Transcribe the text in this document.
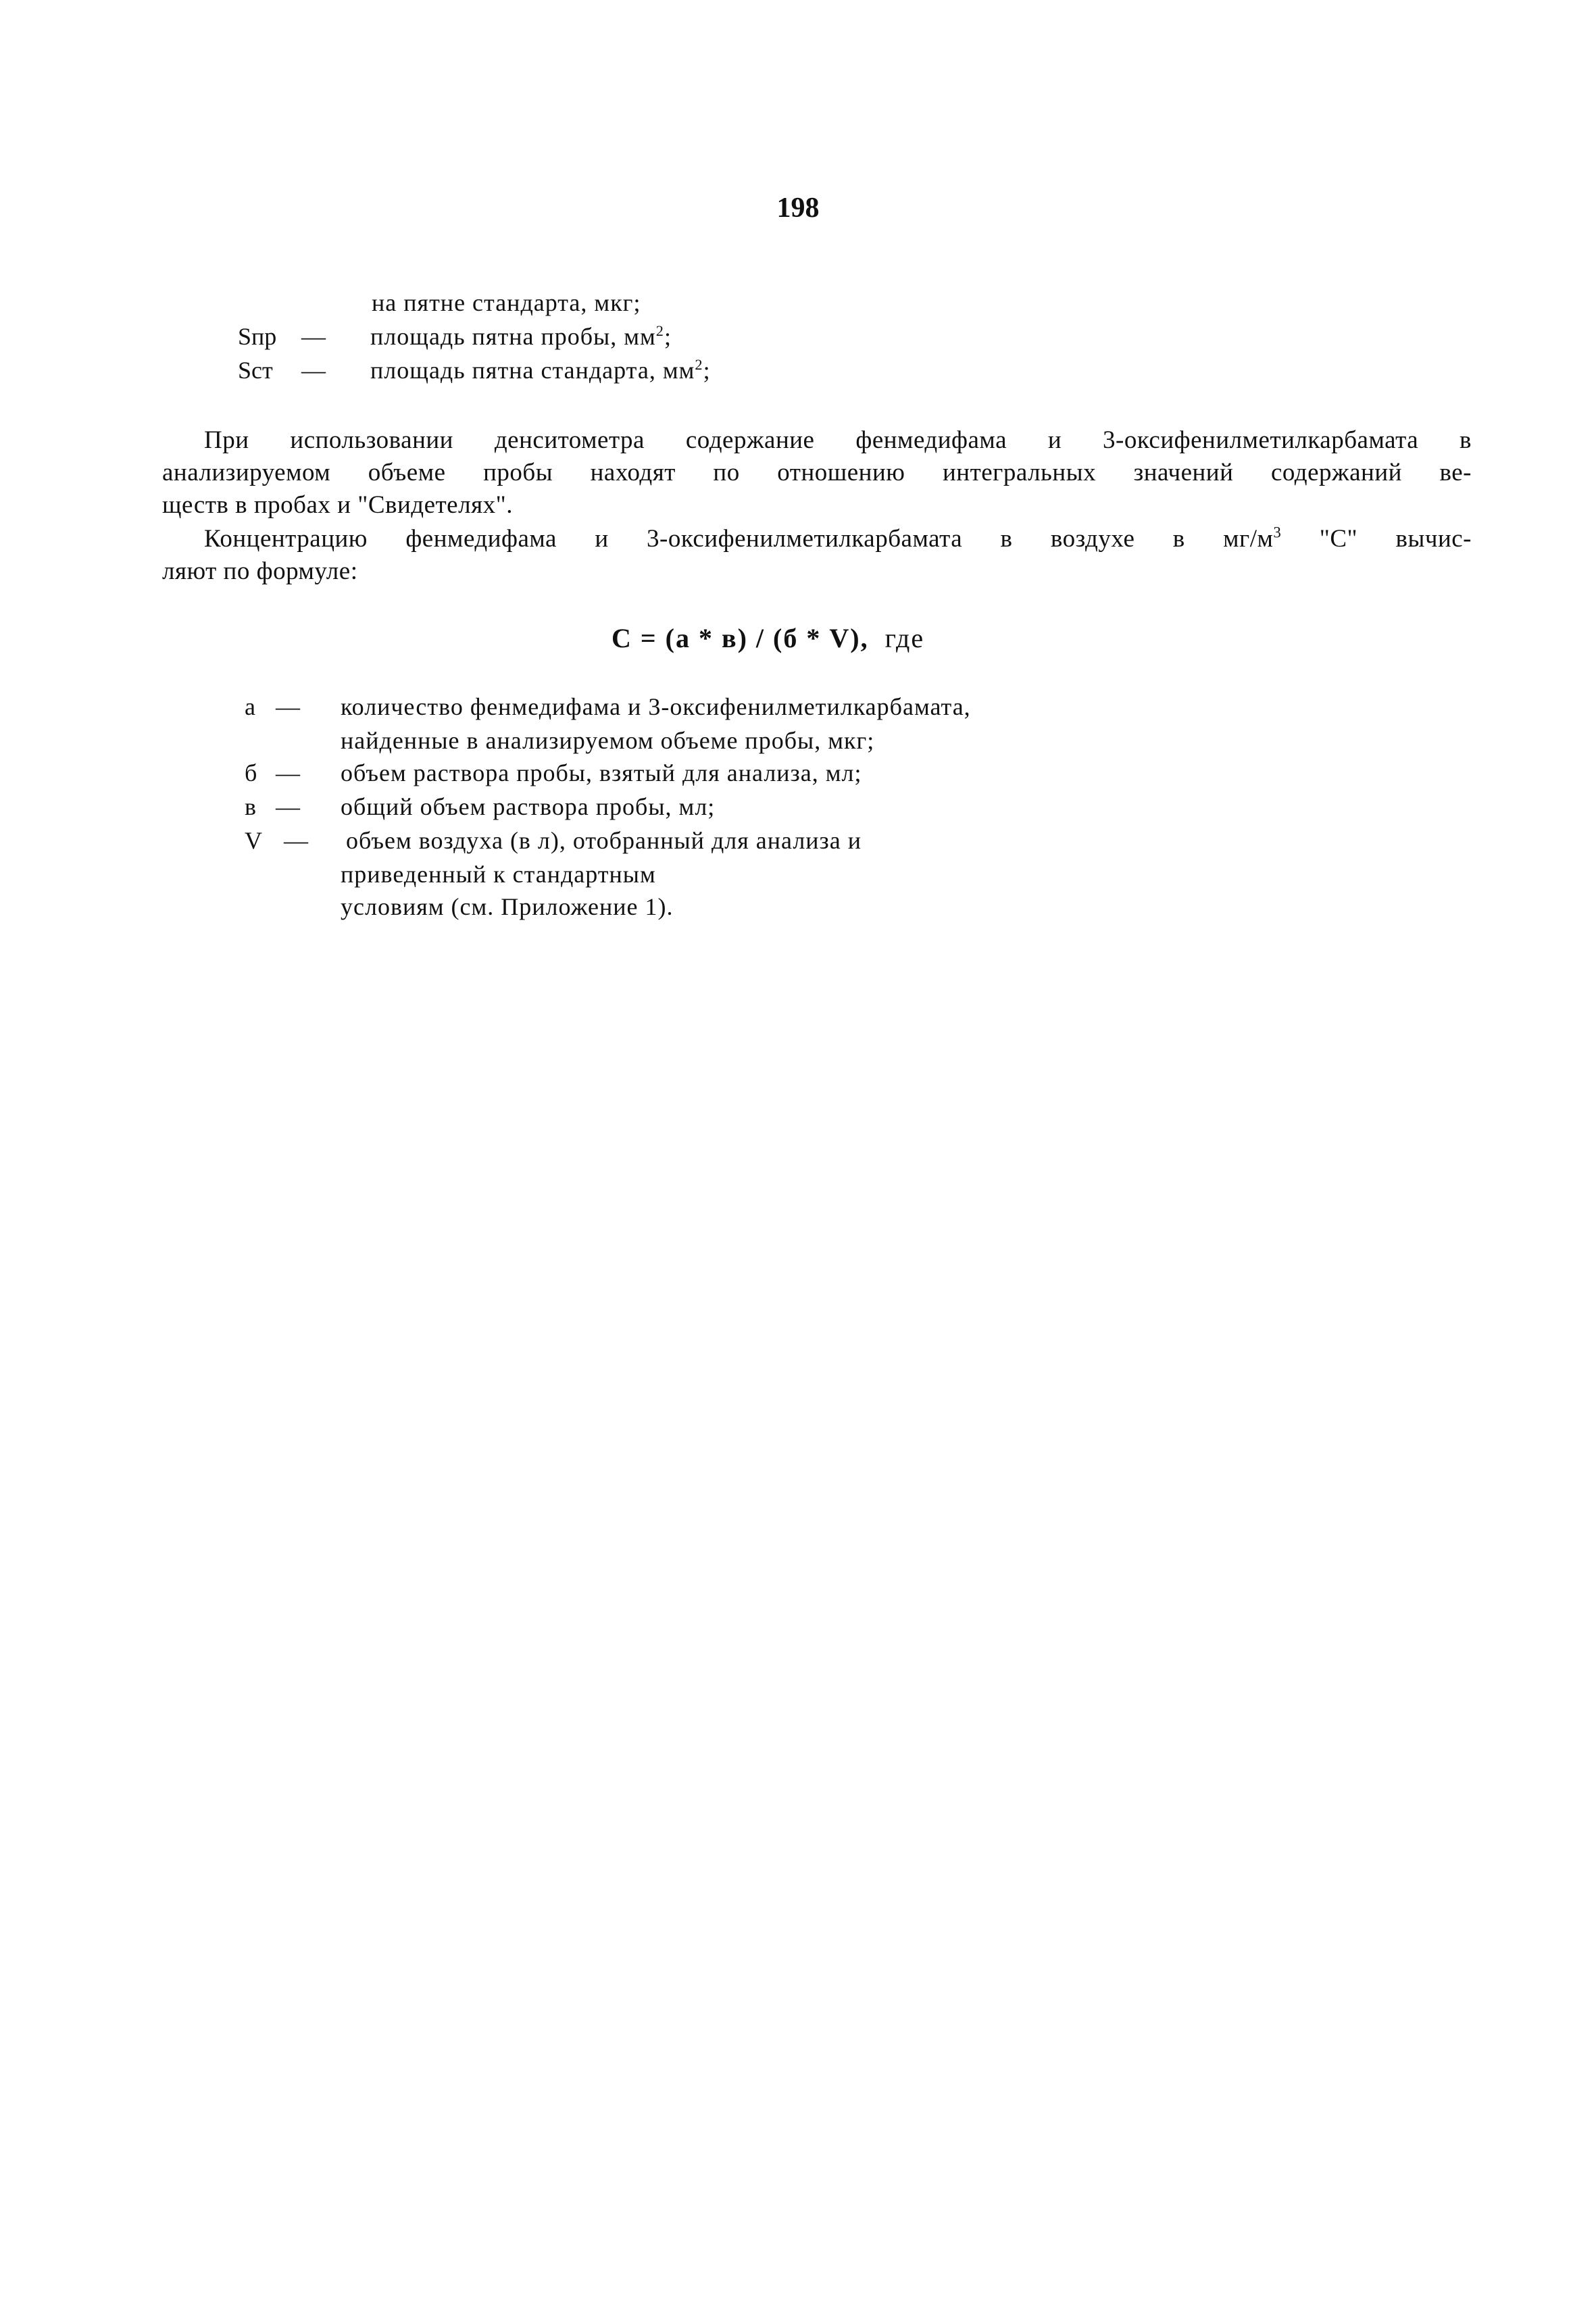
198
на пятне стандарта, мкг;
Sпр — площадь пятна пробы, $мм^2$;
Sст — площадь пятна стандарта, $мм^2$;
При использовании денситометра содержание фенмедифама и 3-оксифенилметилкарбамата в
анализируемом объеме пробы находят по отношению интегральных значений содержаний ве-
ществ в пробах и "Свидетелях".
Концентрацию фенмедифама и 3-оксифенилметилкарбамата в воздухе в $мг/м^3$ "С" вычис-
ляют по формуле:
С = (а * в) / (б * V), где
а — количество фенмедифама и 3-оксифенилметилкарбамата,
найденные в анализируемом объеме пробы, мкг;
б — объем раствора пробы, взятый для анализа, мл;
в — общий объем раствора пробы, мл;
V — объем воздуха (в л), отобранный для анализа и
приведенный к стандартным
условиям (см. Приложение 1).
